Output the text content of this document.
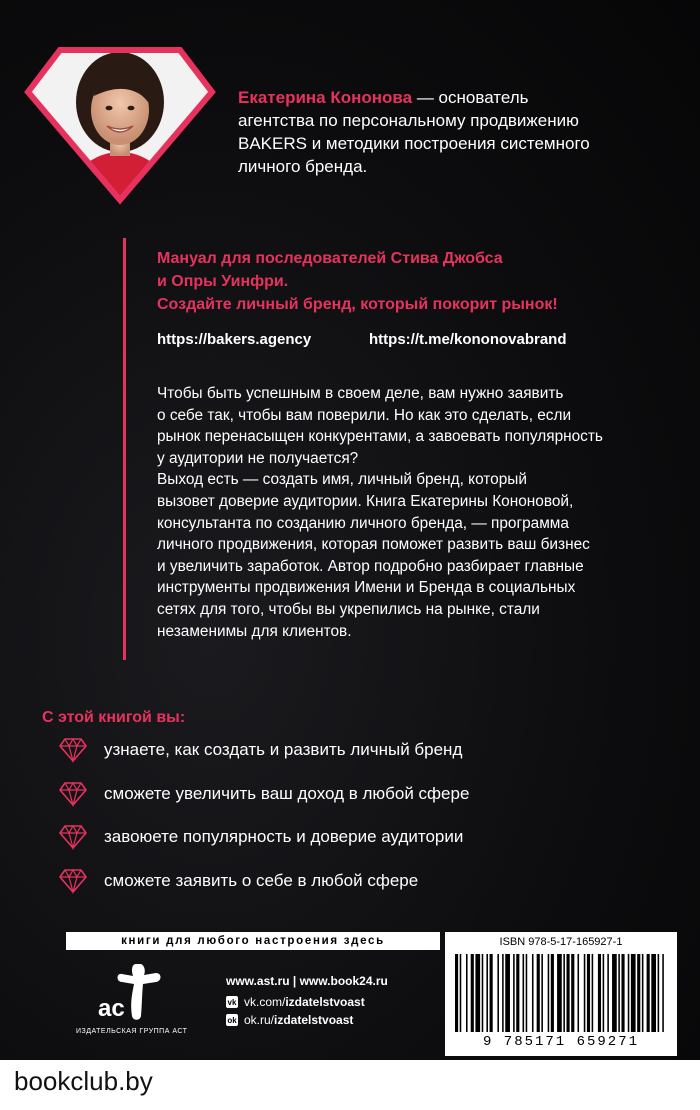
Екатерина Кононова — основатель
агентства по персональному продвижению
BAKERS и методики построения системного
личного бренда.
Мануал для последователей Стива Джобса
и Опры Уинфри.
Создайте личный бренд, который покорит рынок!
https://bakers.agency	https://t.me/kononovabrand

Чтобы быть успешным в своем деле, вам нужно заявить

о себе так, чтобы вам поверили. Но как это сделать, если

рынок перенасыщен конкурентами, а завоевать популярность

у аудитории не получается?

Выход есть — создать имя, личный бренд, который

вызовет доверие аудитории. Книга Екатерины Кононовой,

консультанта по созданию личного бренда, — программа

личного продвижения, которая поможет развить ваш бизнес

и увеличить заработок. Автор подробно разбирает главные

инструменты продвижения Имени и Бренда в социальных

сетях для того, чтобы вы укрепились на рынке, стали

незаменимы для клиентов.

С этой книгой вы:
узнаете, как создать и развить личный бренд
сможете увеличить ваш доход в любой сфере
завоюете популярность и доверие аудитории
сможете заявить о себе в любой сфере
книги для любого настроения здесь
ac
ИЗДАТЕЛЬСКАЯ ГРУППА АСТ
www.ast.ru | www.book24.ru
vk vk.com/izdatelstvoast
ok ok.ru/izdatelstvoast
ISBN 978-5-17-165927-1
9 785171 659271
bookclub.by
